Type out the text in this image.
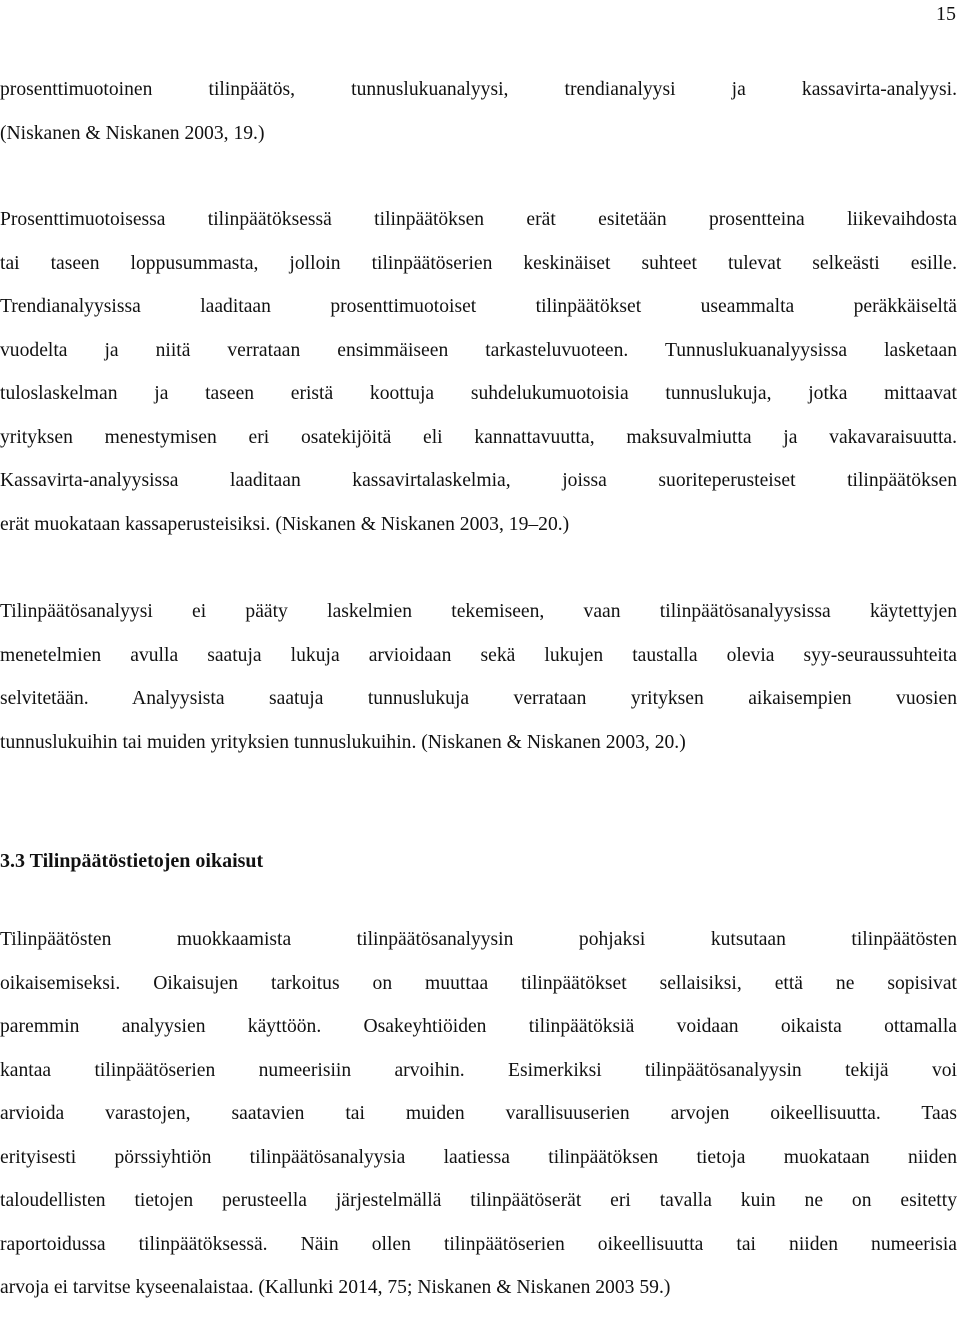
15

prosenttimuotoinen tilinpäätös, tunnuslukuanalyysi, trendianalyysi ja kassavirta-analyysi.
(Niskanen & Niskanen 2003, 19.)

Prosenttimuotoisessa tilinpäätöksessä tilinpäätöksen erät esitetään prosentteina liikevaihdosta
tai taseen loppusummasta, jolloin tilinpäätöserien keskinäiset suhteet tulevat selkeästi esille.
Trendianalyysissa laaditaan prosenttimuotoiset tilinpäätökset useammalta peräkkäiseltä
vuodelta ja niitä verrataan ensimmäiseen tarkasteluvuoteen. Tunnuslukuanalyysissa lasketaan
tuloslaskelman ja taseen eristä koottuja suhdelukumuotoisia tunnuslukuja, jotka mittaavat
yrityksen menestymisen eri osatekijöitä eli kannattavuutta, maksuvalmiutta ja vakavaraisuutta.
Kassavirta-analyysissa laaditaan kassavirtalaskelmia, joissa suoriteperusteiset tilinpäätöksen
erät muokataan kassaperusteisiksi. (Niskanen & Niskanen 2003, 19–20.)

Tilinpäätösanalyysi ei pääty laskelmien tekemiseen, vaan tilinpäätösanalyysissa käytettyjen
menetelmien avulla saatuja lukuja arvioidaan sekä lukujen taustalla olevia syy-seuraussuhteita
selvitetään. Analyysista saatuja tunnuslukuja verrataan yrityksen aikaisempien vuosien
tunnuslukuihin tai muiden yrityksien tunnuslukuihin. (Niskanen & Niskanen 2003, 20.)

3.3 Tilinpäätöstietojen oikaisut

Tilinpäätösten muokkaamista tilinpäätösanalyysin pohjaksi kutsutaan tilinpäätösten
oikaisemiseksi. Oikaisujen tarkoitus on muuttaa tilinpäätökset sellaisiksi, että ne sopisivat
paremmin analyysien käyttöön. Osakeyhtiöiden tilinpäätöksiä voidaan oikaista ottamalla
kantaa tilinpäätöserien numeerisiin arvoihin. Esimerkiksi tilinpäätösanalyysin tekijä voi
arvioida varastojen, saatavien tai muiden varallisuuserien arvojen oikeellisuutta. Taas
erityisesti pörssiyhtiön tilinpäätösanalyysia laatiessa tilinpäätöksen tietoja muokataan niiden
taloudellisten tietojen perusteella järjestelmällä tilinpäätöserät eri tavalla kuin ne on esitetty
raportoidussa tilinpäätöksessä. Näin ollen tilinpäätöserien oikeellisuutta tai niiden numeerisia
arvoja ei tarvitse kyseenalaistaa. (Kallunki 2014, 75; Niskanen & Niskanen 2003 59.)
